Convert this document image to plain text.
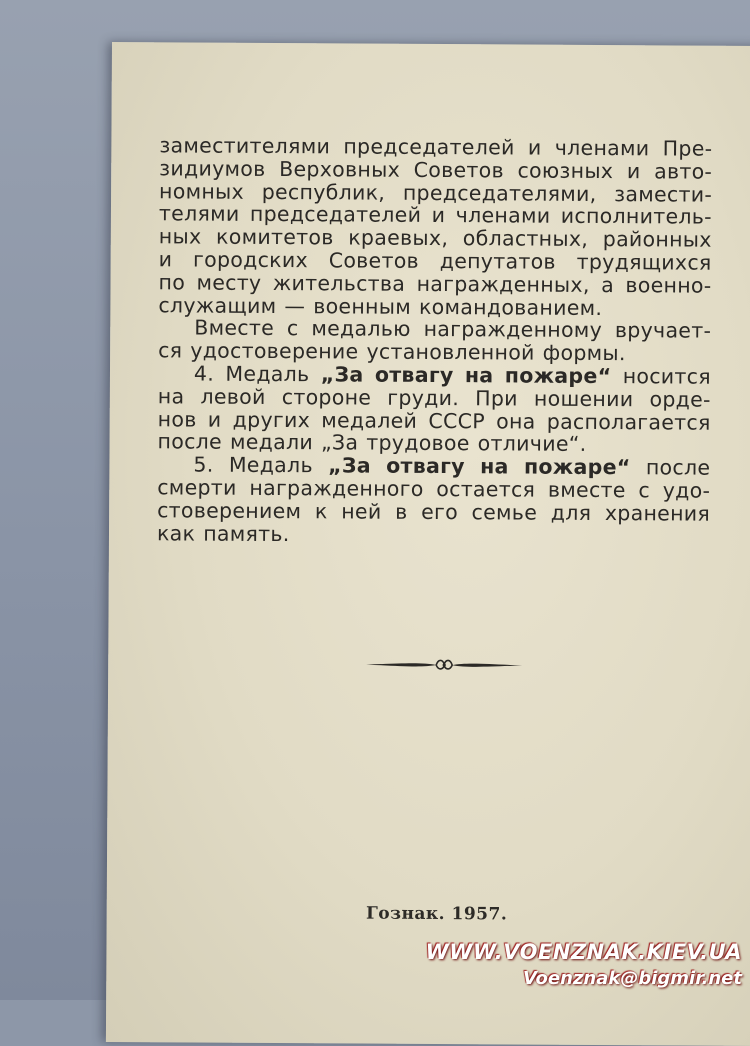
заместителями председателей и членами Пре-
зидиумов Верховных Советов союзных и авто-
номных республик, председателями, замести-
телями председателей и членами исполнитель-
ных комитетов краевых, областных, районных
и городских Советов депутатов трудящихся
по месту жительства награжденных, а военно-
служащим — военным командованием.
Вместе с медалью награжденному вручает-
ся удостоверение установленной формы.
4. Медаль „За отвагу на пожаре“ носится
на левой стороне груди. При ношении орде-
нов и других медалей СССР она располагается
после медали „За трудовое отличие“.
5. Медаль „За отвагу на пожаре“ после
смерти награжденного остается вместе с удо-
стоверением к ней в его семье для хранения
как память.
Гознак. 1957.
WWW.VOENZNAK.KIEV.UA
Voenznak@bigmir.net
